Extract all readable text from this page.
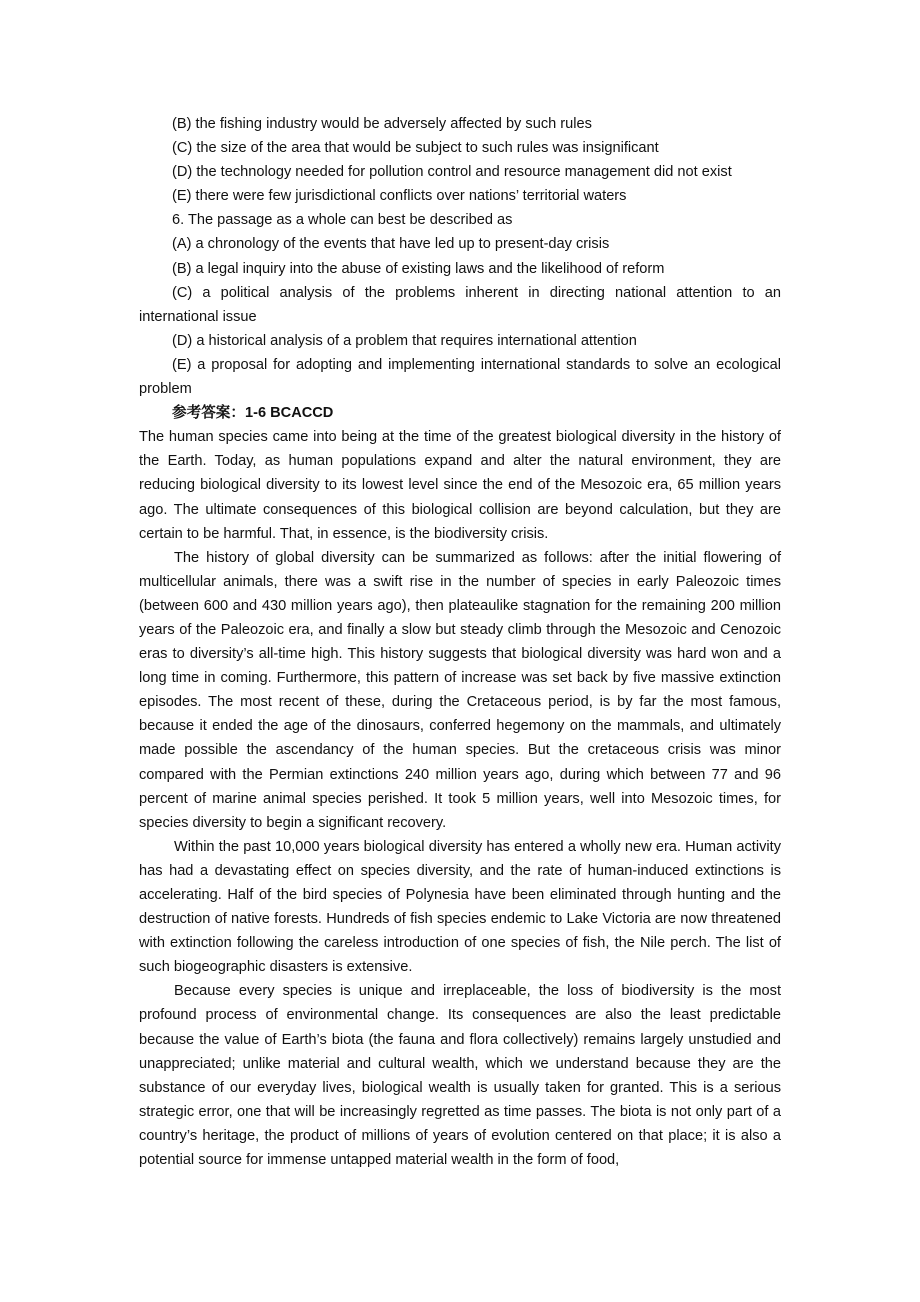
(B) the fishing industry would be adversely affected by such rules

(C) the size of the area that would be subject to such rules was insignificant

(D) the technology needed for pollution control and resource management did not exist

(E) there were few jurisdictional conflicts over nations’ territorial waters

6. The passage as a whole can best be described as

(A) a chronology of the events that have led up to present-day crisis

(B) a legal inquiry into the abuse of existing laws and the likelihood of reform

(C) a political analysis of the problems inherent in directing national attention to an international issue

(D) a historical analysis of a problem that requires international attention

(E) a proposal for adopting and implementing international standards to solve an ecological problem

参考答案：1-6 BCACCD

The human species came into being at the time of the greatest biological diversity in the history of the Earth. Today, as human populations expand and alter the natural environment, they are reducing biological diversity to its lowest level since the end of the Mesozoic era, 65 million years ago. The ultimate consequences of this biological collision are beyond calculation, but they are certain to be harmful. That, in essence, is the biodiversity crisis.

The history of global diversity can be summarized as follows: after the initial flowering of multicellular animals, there was a swift rise in the number of species in early Paleozoic times (between 600 and 430 million years ago), then plateaulike stagnation for the remaining 200 million years of the Paleozoic era, and finally a slow but steady climb through the Mesozoic and Cenozoic eras to diversity’s all-time high. This history suggests that biological diversity was hard won and a long time in coming. Furthermore, this pattern of increase was set back by five massive extinction episodes. The most recent of these, during the Cretaceous period, is by far the most famous, because it ended the age of the dinosaurs, conferred hegemony on the mammals, and ultimately made possible the ascendancy of the human species. But the cretaceous crisis was minor compared with the Permian extinctions 240 million years ago, during which between 77 and 96 percent of marine animal species perished. It took 5 million years, well into Mesozoic times, for species diversity to begin a significant recovery.

Within the past 10,000 years biological diversity has entered a wholly new era. Human activity has had a devastating effect on species diversity, and the rate of human-induced extinctions is accelerating. Half of the bird species of Polynesia have been eliminated through hunting and the destruction of native forests. Hundreds of fish species endemic to Lake Victoria are now threatened with extinction following the careless introduction of one species of fish, the Nile perch. The list of such biogeographic disasters is extensive.

Because every species is unique and irreplaceable, the loss of biodiversity is the most profound process of environmental change. Its consequences are also the least predictable because the value of Earth’s biota (the fauna and flora collectively) remains largely unstudied and unappreciated; unlike material and cultural wealth, which we understand because they are the substance of our everyday lives, biological wealth is usually taken for granted. This is a serious strategic error, one that will be increasingly regretted as time passes. The biota is not only part of a country’s heritage, the product of millions of years of evolution centered on that place; it is also a potential source for immense untapped material wealth in the form of food,
